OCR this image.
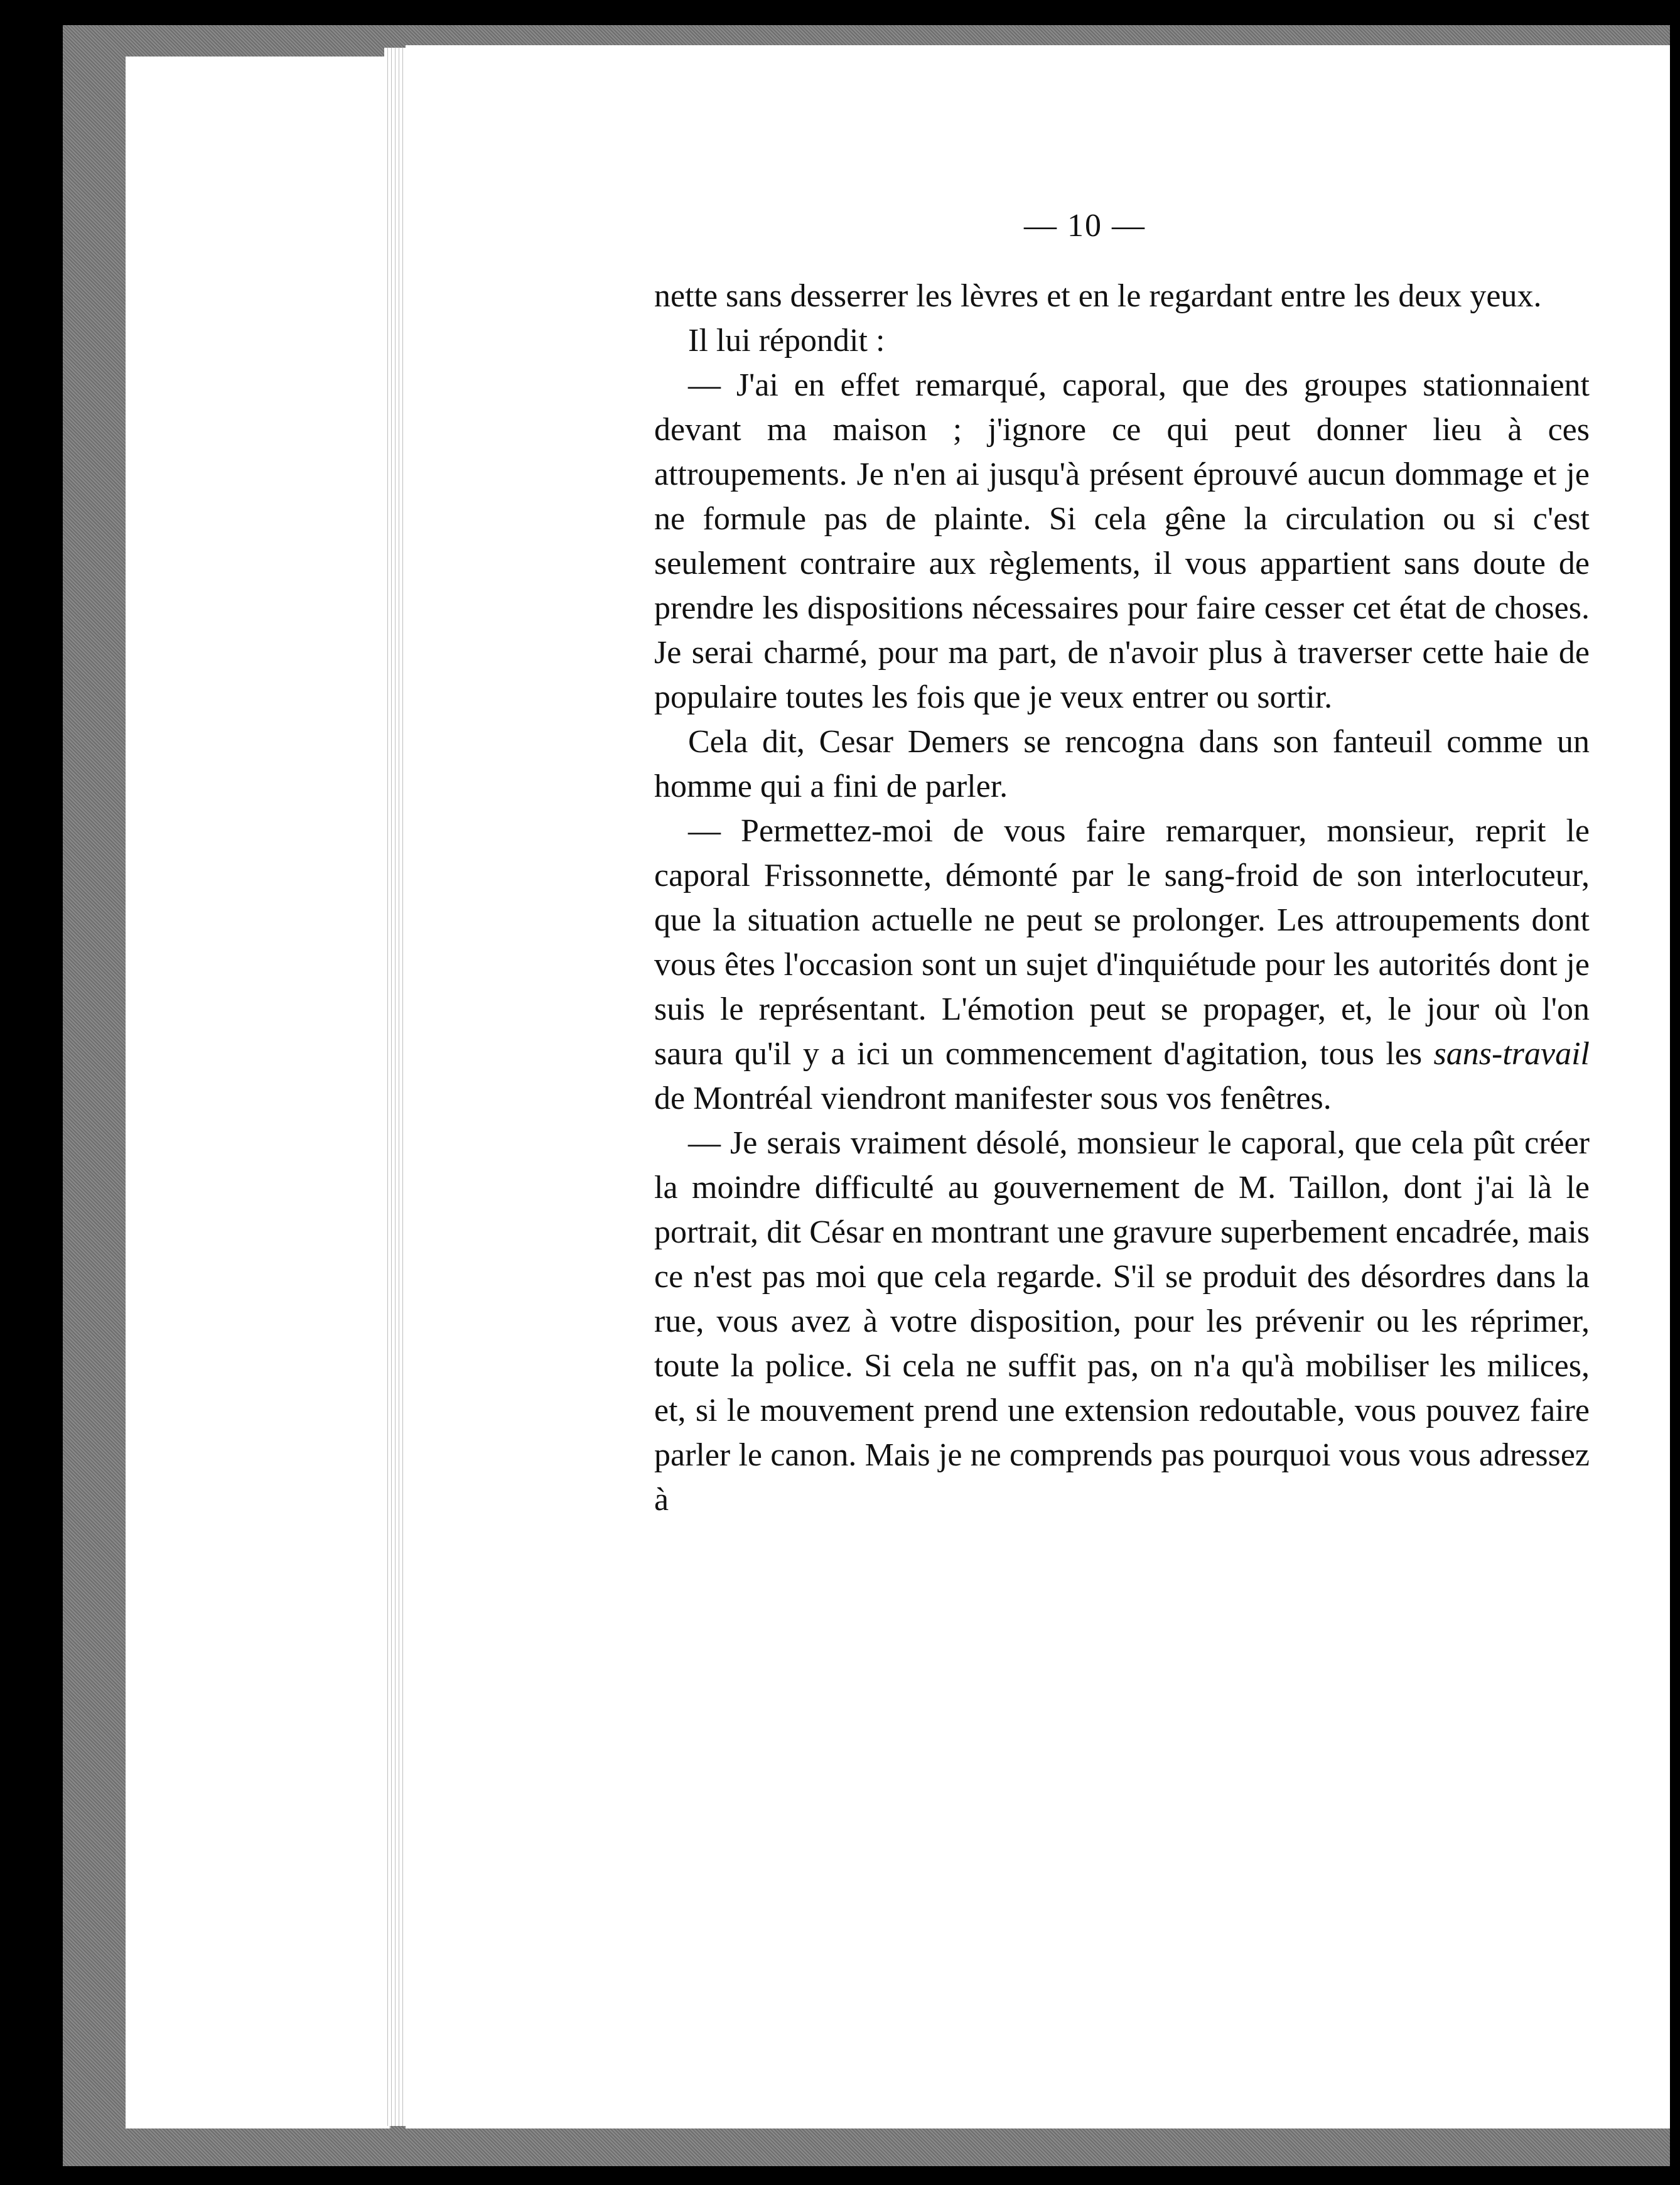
— 10 —

nette sans desserrer les lèvres et en le regardant entre les deux yeux.

Il lui répondit :

— J'ai en effet remarqué, caporal, que des groupes stationnaient devant ma maison ; j'ignore ce qui peut donner lieu à ces attroupements. Je n'en ai jusqu'à présent éprouvé aucun dommage et je ne formule pas de plainte. Si cela gêne la circulation ou si c'est seulement contraire aux règlements, il vous appartient sans doute de prendre les dispositions nécessaires pour faire cesser cet état de choses. Je serai charmé, pour ma part, de n'avoir plus à traverser cette haie de populaire toutes les fois que je veux entrer ou sortir.

Cela dit, Cesar Demers se rencogna dans son fanteuil comme un homme qui a fini de parler.

— Permettez-moi de vous faire remarquer, monsieur, reprit le caporal Frissonnette, démonté par le sang-froid de son interlocuteur, que la situation actuelle ne peut se prolonger. Les attroupements dont vous êtes l'occasion sont un sujet d'inquiétude pour les autorités dont je suis le représentant. L'émotion peut se propager, et, le jour où l'on saura qu'il y a ici un commencement d'agitation, tous les sans-travail de Montréal viendront manifester sous vos fenêtres.

— Je serais vraiment désolé, monsieur le caporal, que cela pût créer la moindre difficulté au gouvernement de M. Taillon, dont j'ai là le portrait, dit César en montrant une gravure superbement encadrée, mais ce n'est pas moi que cela regarde. S'il se produit des désordres dans la rue, vous avez à votre disposition, pour les prévenir ou les réprimer, toute la police. Si cela ne suffit pas, on n'a qu'à mobiliser les milices, et, si le mouvement prend une extension redoutable, vous pouvez faire parler le canon. Mais je ne comprends pas pourquoi vous vous adressez à
